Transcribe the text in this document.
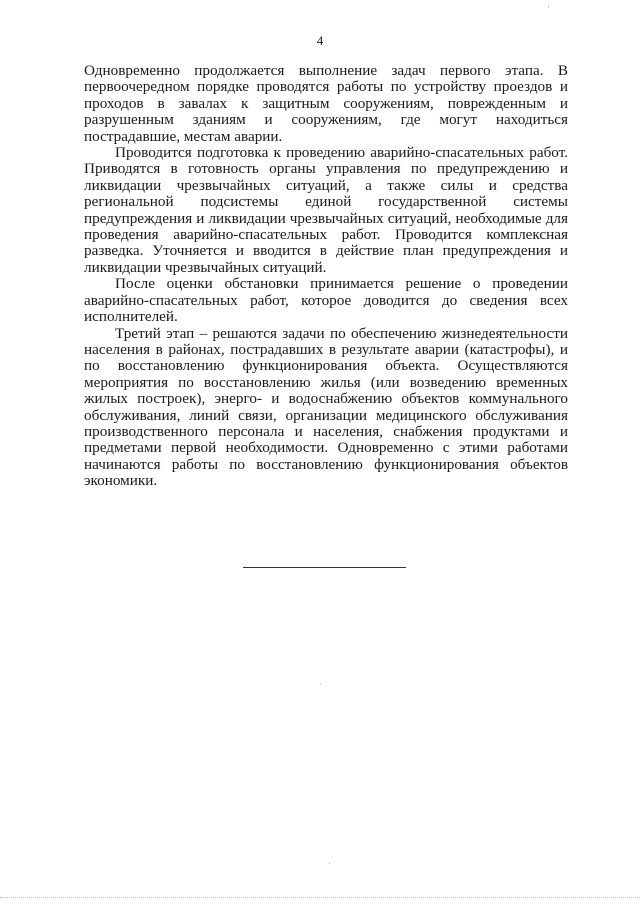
4

Одновременно продолжается выполнение задач первого этапа. В первоочередном порядке проводятся работы по устройству проездов и проходов в завалах к защитным сооружениям, поврежденным и разрушенным зданиям и сооружениям, где могут находиться пострадавшие, местам аварии.

Проводится подготовка к проведению аварийно-спасательных работ. Приводятся в готовность органы управления по предупреждению и ликвидации чрезвычайных ситуаций, а также силы и средства региональной подсистемы единой государственной системы предупреждения и ликвидации чрезвычайных ситуаций, необходимые для проведения аварийно-спасательных работ. Проводится комплексная разведка. Уточняется и вводится в действие план предупреждения и ликвидации чрезвычайных ситуаций.

После оценки обстановки принимается решение о проведении аварийно-спасательных работ, которое доводится до сведения всех исполнителей.

Третий этап – решаются задачи по обеспечению жизнедеятельности населения в районах, пострадавших в результате аварии (катастрофы), и по восстановлению функционирования объекта. Осуществляются мероприятия по восстановлению жилья (или возведению временных жилых построек), энерго- и водоснабжению объектов коммунального обслуживания, линий связи, организации медицинского обслуживания производственного персонала и населения, снабжения продуктами и предметами первой необходимости. Одновременно с этими работами начинаются работы по восстановлению функционирования объектов экономики.
